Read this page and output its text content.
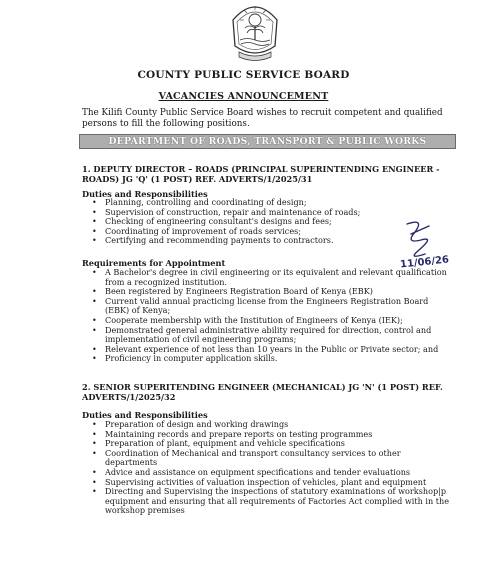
COUNTY PUBLIC SERVICE BOARD
VACANCIES ANNOUNCEMENT
The Kilifi County Public Service Board wishes to recruit competent and qualified persons to fill the following positions.
DEPARTMENT OF ROADS, TRANSPORT & PUBLIC WORKS
1. DEPUTY DIRECTOR – ROADS (PRINCIPAL SUPERINTENDING ENGINEER - ROADS) JG 'Q' (1 POST) REF. ADVERTS/1/2025/31
Duties and Responsibilities
• Planning, controlling and coordinating of design;
• Supervision of construction, repair and maintenance of roads;
• Checking of engineering consultant's designs and fees;
• Coordinating of improvement of roads services;
• Certifying and recommending payments to contractors.
Requirements for Appointment
• A Bachelor's degree in civil engineering or its equivalent and relevant qualification from a recognized institution.
• Been registered by Engineers Registration Board of Kenya (EBK)
• Current valid annual practicing license from the Engineers Registration Board (EBK) of Kenya;
• Cooperate membership with the Institution of Engineers of Kenya (IEK);
• Demonstrated general administrative ability required for direction, control and implementation of civil engineering programs;
• Relevant experience of not less than 10 years in the Public or Private sector; and
• Proficiency in computer application skills.
11/06/26
2. SENIOR SUPERITENDING ENGINEER (MECHANICAL) JG 'N' (1 POST) REF. ADVERTS/1/2025/32
Duties and Responsibilities
• Preparation of design and working drawings
• Maintaining records and prepare reports on testing programmes
• Preparation of plant, equipment and vehicle specifications
• Coordination of Mechanical and transport consultancy services to other departments
• Advice and assistance on equipment specifications and tender evaluations
• Supervising activities of valuation inspection of vehicles, plant and equipment
• Directing and Supervising the inspections of statutory examinations of workshop|p equipment and ensuring that all requirements of Factories Act complied with in the workshop premises
